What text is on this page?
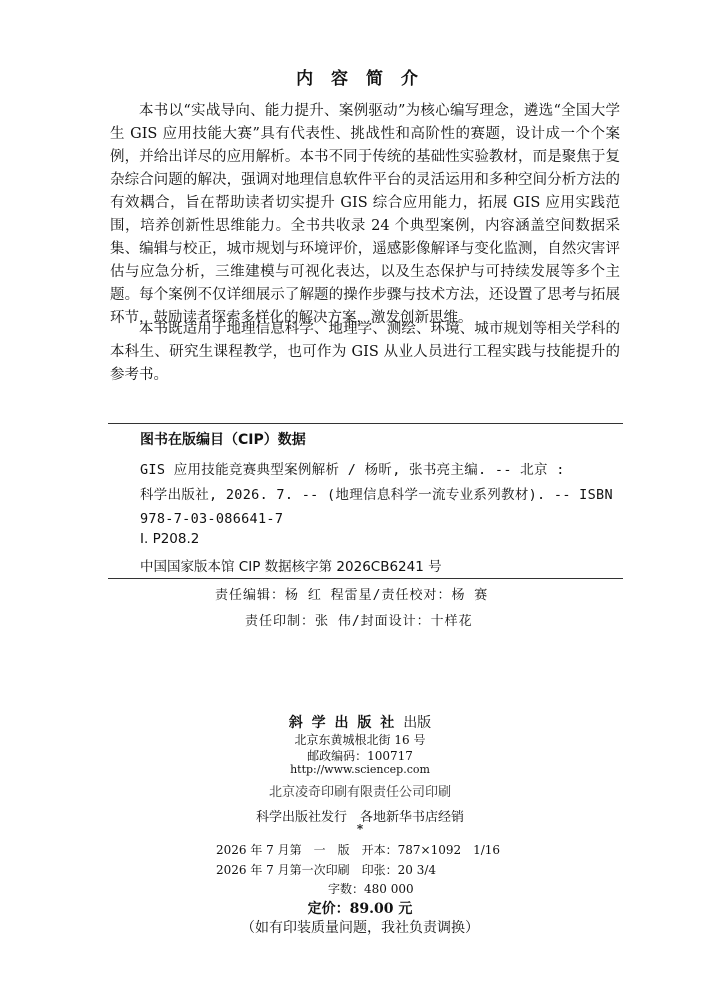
内 容 简 介

本书以“实战导向、能力提升、案例驱动”为核心编写理念，遴选“全国大学生 GIS 应用技能大赛”具有代表性、挑战性和高阶性的赛题，设计成一个个案例，并给出详尽的应用解析。本书不同于传统的基础性实验教材，而是聚焦于复杂综合问题的解决，强调对地理信息软件平台的灵活运用和多种空间分析方法的有效耦合，旨在帮助读者切实提升 GIS 综合应用能力，拓展 GIS 应用实践范围，培养创新性思维能力。全书共收录 24 个典型案例，内容涵盖空间数据采集、编辑与校正，城市规划与环境评价，遥感影像解译与变化监测，自然灾害评估与应急分析，三维建模与可视化表达，以及生态保护与可持续发展等多个主题。每个案例不仅详细展示了解题的操作步骤与技术方法，还设置了思考与拓展环节，鼓励读者探索多样化的解决方案，激发创新思维。

本书既适用于地理信息科学、地理学、测绘、环境、城市规划等相关学科的本科生、研究生课程教学，也可作为 GIS 从业人员进行工程实践与技能提升的参考书。

图书在版编目（CIP）数据
GIS 应用技能竞赛典型案例解析 / 杨昕, 张书亮主编. -- 北京 :
科学出版社, 2026. 7. -- (地理信息科学一流专业系列教材). -- ISBN
978-7-03-086641-7
Ⅰ. P208.2
中国国家版本馆 CIP 数据核字第 2026CB6241 号
责任编辑：杨 红 程雷星/责任校对：杨 赛
责任印制：张 伟/封面设计：十样花
斜 学 出 版 社 出版
北京东黄城根北街 16 号
邮政编码：100717
http://www.sciencep.com
北京凌奇印刷有限责任公司印刷
科学出版社发行　各地新华书店经销
*
2026 年 7 月第　一　版　开本：787×1092　1/16
2026 年 7 月第一次印刷　印张：20 3/4
字数：480 000
定价：89.00 元
（如有印装质量问题，我社负责调换）
